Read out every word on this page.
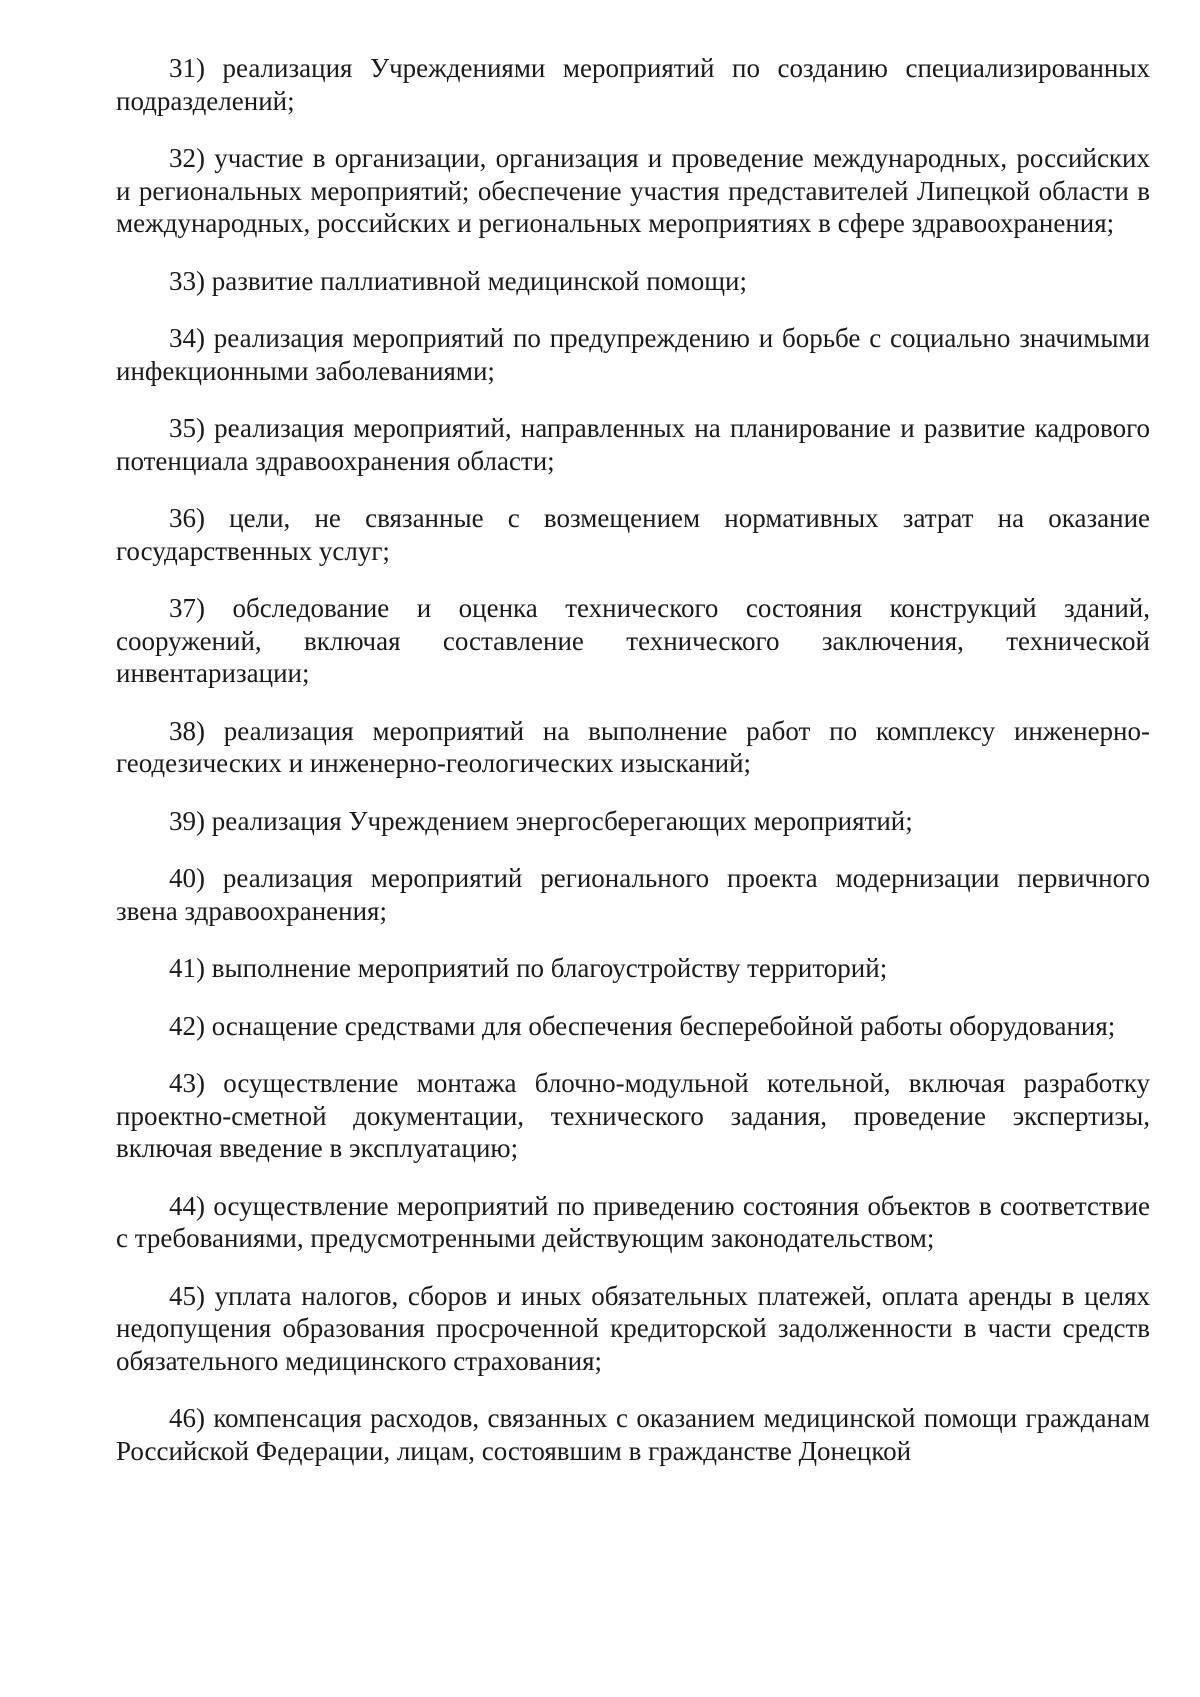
31) реализация Учреждениями мероприятий по созданию специализированных подразделений;

32) участие в организации, организация и проведение международных, российских и региональных мероприятий; обеспечение участия представителей Липецкой области в международных, российских и региональных мероприятиях в сфере здравоохранения;

33) развитие паллиативной медицинской помощи;

34) реализация мероприятий по предупреждению и борьбе с социально значимыми инфекционными заболеваниями;

35) реализация мероприятий, направленных на планирование и развитие кадрового потенциала здравоохранения области;

36) цели, не связанные с возмещением нормативных затрат на оказание государственных услуг;

37) обследование и оценка технического состояния конструкций зданий, сооружений, включая составление технического заключения, технической инвентаризации;

38) реализация мероприятий на выполнение работ по комплексу инженерно-геодезических и инженерно-геологических изысканий;

39) реализация Учреждением энергосберегающих мероприятий;

40) реализация мероприятий регионального проекта модернизации первичного звена здравоохранения;

41) выполнение мероприятий по благоустройству территорий;

42) оснащение средствами для обеспечения бесперебойной работы оборудования;

43) осуществление монтажа блочно-модульной котельной, включая разработку проектно-сметной документации, технического задания, проведение экспертизы, включая введение в эксплуатацию;

44) осуществление мероприятий по приведению состояния объектов в соответствие с требованиями, предусмотренными действующим законодательством;

45) уплата налогов, сборов и иных обязательных платежей, оплата аренды в целях недопущения образования просроченной кредиторской задолженности в части средств обязательного медицинского страхования;

46) компенсация расходов, связанных с оказанием медицинской помощи гражданам Российской Федерации, лицам, состоявшим в гражданстве Донецкой
